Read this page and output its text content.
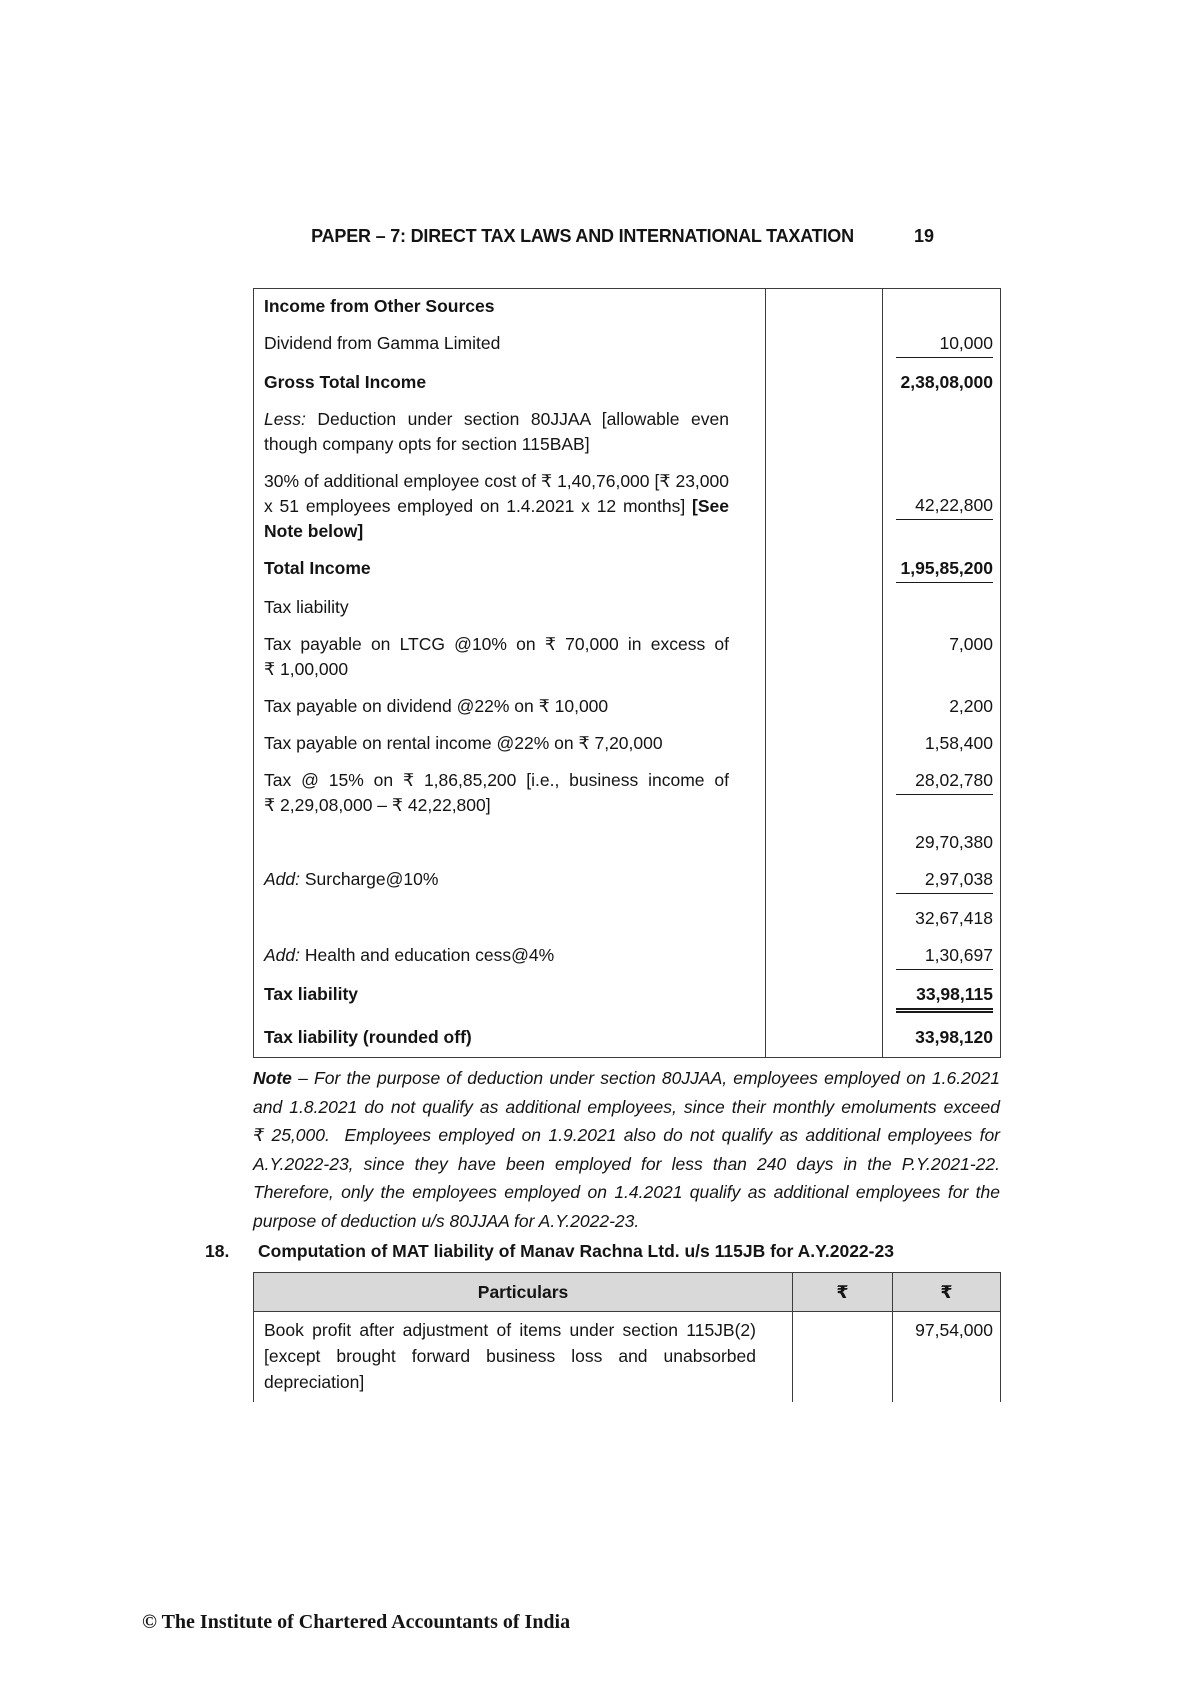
PAPER – 7: DIRECT TAX LAWS AND INTERNATIONAL TAXATION	19
Income from Other Sources		
Dividend from Gamma Limited		10,000
Gross Total Income		2,38,08,000
Less: Deduction under section 80JJAA [allowable even though company opts for section 115BAB]		
30% of additional employee cost of ₹ 1,40,76,000 [₹ 23,000 x 51 employees employed on 1.4.2021 x 12 months] [See Note below]		42,22,800
Total Income		1,95,85,200
Tax liability		
Tax payable on LTCG @10% on ₹ 70,000 in excess of ₹ 1,00,000		7,000
Tax payable on dividend @22% on ₹ 10,000		2,200
Tax payable on rental income @22% on ₹ 7,20,000		1,58,400
Tax @ 15% on ₹ 1,86,85,200 [i.e., business income of ₹ 2,29,08,000 – ₹ 42,22,800]		28,02,780
		29,70,380
Add: Surcharge@10%		2,97,038
		32,67,418
Add: Health and education cess@4%		1,30,697
Tax liability		33,98,115
Tax liability (rounded off)		33,98,120
Note – For the purpose of deduction under section 80JJAA, employees employed on 1.6.2021 and 1.8.2021 do not qualify as additional employees, since their monthly emoluments exceed ₹ 25,000.  Employees employed on 1.9.2021 also do not qualify as additional employees for A.Y.2022-23, since they have been employed for less than 240 days in the P.Y.2021-22. Therefore, only the employees employed on 1.4.2021 qualify as additional employees for the purpose of deduction u/s 80JJAA for A.Y.2022-23.
18. Computation of MAT liability of Manav Rachna Ltd. u/s 115JB for A.Y.2022-23
Particulars	₹	₹
Book profit after adjustment of items under section 115JB(2) [except brought forward business loss and unabsorbed depreciation]		97,54,000
© The Institute of Chartered Accountants of India
